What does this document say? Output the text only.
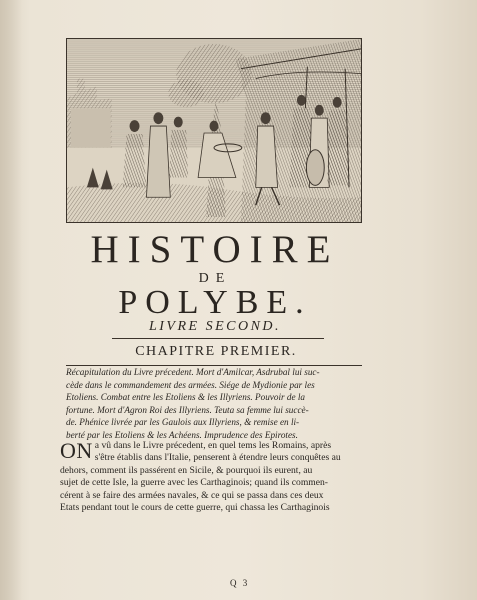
HISTOIRE
DE
POLYBE.
LIVRE SECOND.
CHAPITRE PREMIER.
Récapitulation du Livre précedent. Mort d'Amilcar, Asdrubal lui suc-
cède dans le commandement des armées. Siége de Mydionie par les
Etoliens. Combat entre les Etoliens & les Illyriens. Pouvoir de la
fortune. Mort d'Agron Roi des Illyriens. Teuta sa femme lui succè-
de. Phénice livrée par les Gaulois aux Illyriens, & remise en li-
berté par les Etoliens & les Achéens. Imprudence des Epirotes.
ON a vû dans le Livre précedent, en quel tems les Romains, après
s'être établis dans l'Italie, penserent à étendre leurs conquêtes au
dehors, comment ils passérent en Sicile, & pourquoi ils eurent, au
sujet de cette Isle, la guerre avec les Carthaginois; quand ils commen-
cérent à se faire des armées navales, & ce qui se passa dans ces deux
Etats pendant tout le cours de cette guerre, qui chassa les Carthaginois
Q 3
